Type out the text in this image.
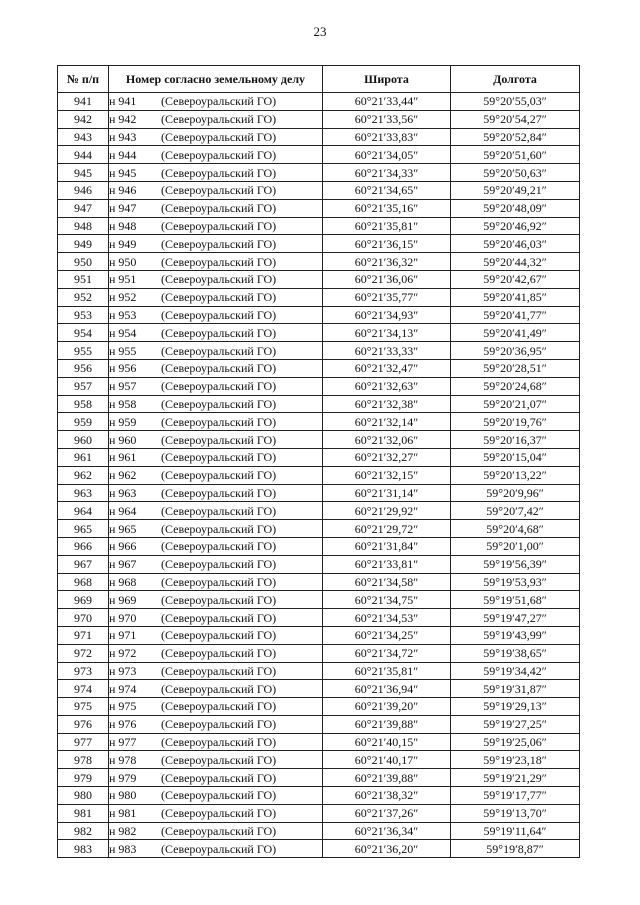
23
№ п/п	Номер согласно земельному делу	Широта	Долгота
941	н 941 (Североуральский ГО)	60°21′33,44″	59°20′55,03″
942	н 942 (Североуральский ГО)	60°21′33,56″	59°20′54,27″
943	н 943 (Североуральский ГО)	60°21′33,83″	59°20′52,84″
944	н 944 (Североуральский ГО)	60°21′34,05″	59°20′51,60″
945	н 945 (Североуральский ГО)	60°21′34,33″	59°20′50,63″
946	н 946 (Североуральский ГО)	60°21′34,65″	59°20′49,21″
947	н 947 (Североуральский ГО)	60°21′35,16″	59°20′48,09″
948	н 948 (Североуральский ГО)	60°21′35,81″	59°20′46,92″
949	н 949 (Североуральский ГО)	60°21′36,15″	59°20′46,03″
950	н 950 (Североуральский ГО)	60°21′36,32″	59°20′44,32″
951	н 951 (Североуральский ГО)	60°21′36,06″	59°20′42,67″
952	н 952 (Североуральский ГО)	60°21′35,77″	59°20′41,85″
953	н 953 (Североуральский ГО)	60°21′34,93″	59°20′41,77″
954	н 954 (Североуральский ГО)	60°21′34,13″	59°20′41,49″
955	н 955 (Североуральский ГО)	60°21′33,33″	59°20′36,95″
956	н 956 (Североуральский ГО)	60°21′32,47″	59°20′28,51″
957	н 957 (Североуральский ГО)	60°21′32,63″	59°20′24,68″
958	н 958 (Североуральский ГО)	60°21′32,38″	59°20′21,07″
959	н 959 (Североуральский ГО)	60°21′32,14″	59°20′19,76″
960	н 960 (Североуральский ГО)	60°21′32,06″	59°20′16,37″
961	н 961 (Североуральский ГО)	60°21′32,27″	59°20′15,04″
962	н 962 (Североуральский ГО)	60°21′32,15″	59°20′13,22″
963	н 963 (Североуральский ГО)	60°21′31,14″	59°20′9,96″
964	н 964 (Североуральский ГО)	60°21′29,92″	59°20′7,42″
965	н 965 (Североуральский ГО)	60°21′29,72″	59°20′4,68″
966	н 966 (Североуральский ГО)	60°21′31,84″	59°20′1,00″
967	н 967 (Североуральский ГО)	60°21′33,81″	59°19′56,39″
968	н 968 (Североуральский ГО)	60°21′34,58″	59°19′53,93″
969	н 969 (Североуральский ГО)	60°21′34,75″	59°19′51,68″
970	н 970 (Североуральский ГО)	60°21′34,53″	59°19′47,27″
971	н 971 (Североуральский ГО)	60°21′34,25″	59°19′43,99″
972	н 972 (Североуральский ГО)	60°21′34,72″	59°19′38,65″
973	н 973 (Североуральский ГО)	60°21′35,81″	59°19′34,42″
974	н 974 (Североуральский ГО)	60°21′36,94″	59°19′31,87″
975	н 975 (Североуральский ГО)	60°21′39,20″	59°19′29,13″
976	н 976 (Североуральский ГО)	60°21′39,88″	59°19′27,25″
977	н 977 (Североуральский ГО)	60°21′40,15″	59°19′25,06″
978	н 978 (Североуральский ГО)	60°21′40,17″	59°19′23,18″
979	н 979 (Североуральский ГО)	60°21′39,88″	59°19′21,29″
980	н 980 (Североуральский ГО)	60°21′38,32″	59°19′17,77″
981	н 981 (Североуральский ГО)	60°21′37,26″	59°19′13,70″
982	н 982 (Североуральский ГО)	60°21′36,34″	59°19′11,64″
983	н 983 (Североуральский ГО)	60°21′36,20″	59°19′8,87″
